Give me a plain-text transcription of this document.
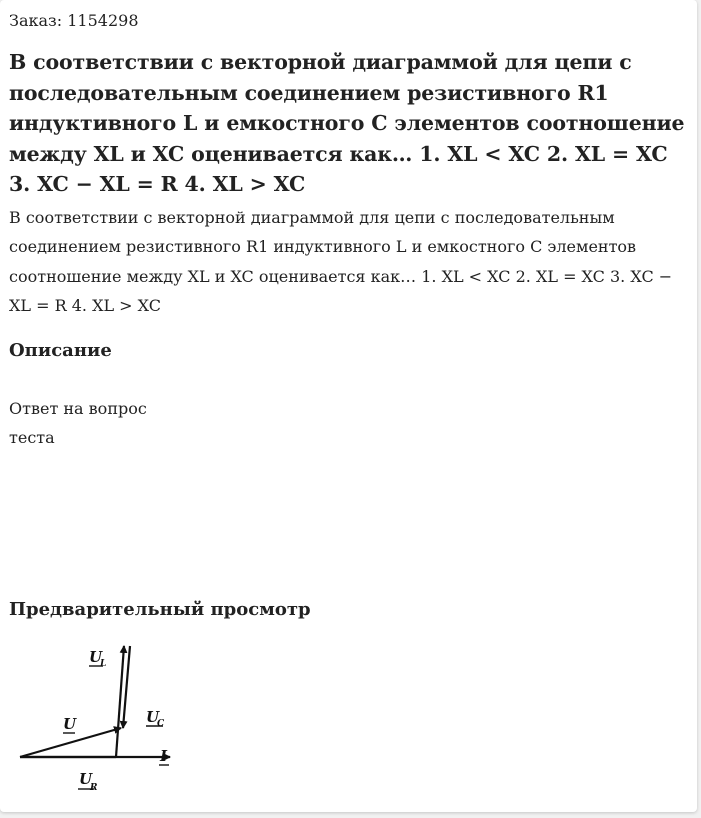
Заказ: 1154298

В соответствии с векторной диаграммой для цепи с последовательным соединением резистивного R1 индуктивного L и емкостного С элементов соотношение между XL и XC оценивается как… 1. XL < XC 2. XL = XC 3. XC − XL = R 4. XL > XC

В соответствии с векторной диаграммой для цепи с последовательным соединением резистивного R1 индуктивного L и емкостного С элементов соотношение между XL и XC оценивается как… 1. XL < XC 2. XL = XC 3. XC − XL = R 4. XL > XC

Описание

Ответ на вопрос теста

Предварительный просмотр
U
L
U	U
C
I
U
R
